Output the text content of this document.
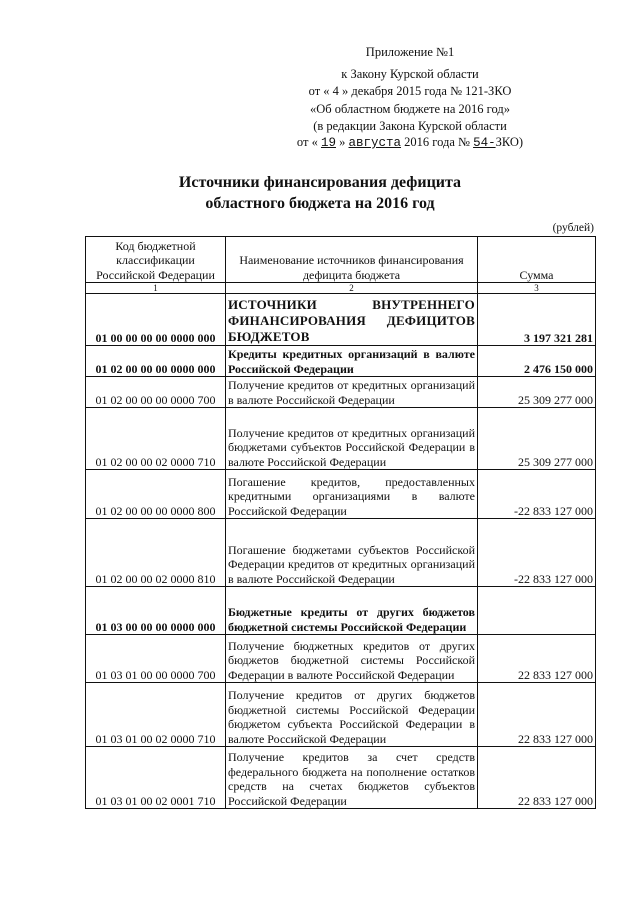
Приложение №1
к Закону Курской области
от « 4 » декабря 2015 года № 121-ЗКО
«Об областном бюджете на 2016 год»
(в редакции Закона Курской области
от « 19 » августа 2016 года № 54-ЗКО)
Источники финансирования дефицита
областного бюджета на 2016 год
(рублей)
Код бюджетной классификации Российской Федерации	Наименование источников финансирования дефицита бюджета	Сумма
1	2	3
01 00 00 00 00 0000 000	ИСТОЧНИКИ ВНУТРЕННЕГО ФИНАНСИРОВАНИЯ ДЕФИЦИТОВ БЮДЖЕТОВ	3 197 321 281
01 02 00 00 00 0000 000	Кредиты кредитных организаций в валюте Российской Федерации	2 476 150 000
01 02 00 00 00 0000 700	Получение кредитов от кредитных организаций в валюте Российской Федерации	25 309 277 000
01 02 00 00 02 0000 710	Получение кредитов от кредитных организаций бюджетами субъектов Российской Федерации в валюте Российской Федерации	25 309 277 000
01 02 00 00 00 0000 800	Погашение кредитов, предоставленных кредитными организациями в валюте Российской Федерации	-22 833 127 000
01 02 00 00 02 0000 810	Погашение бюджетами субъектов Российской Федерации кредитов от кредитных организаций в валюте Российской Федерации	-22 833 127 000
01 03 00 00 00 0000 000	Бюджетные кредиты от других бюджетов бюджетной системы Российской Федерации	
01 03 01 00 00 0000 700	Получение бюджетных кредитов от других бюджетов бюджетной системы Российской Федерации в валюте Российской Федерации	22 833 127 000
01 03 01 00 02 0000 710	Получение кредитов от других бюджетов бюджетной системы Российской Федерации бюджетом субъекта Российской Федерации в валюте Российской Федерации	22 833 127 000
01 03 01 00 02 0001 710	Получение кредитов за счет средств федерального бюджета на пополнение остатков средств на счетах бюджетов субъектов Российской Федерации	22 833 127 000
